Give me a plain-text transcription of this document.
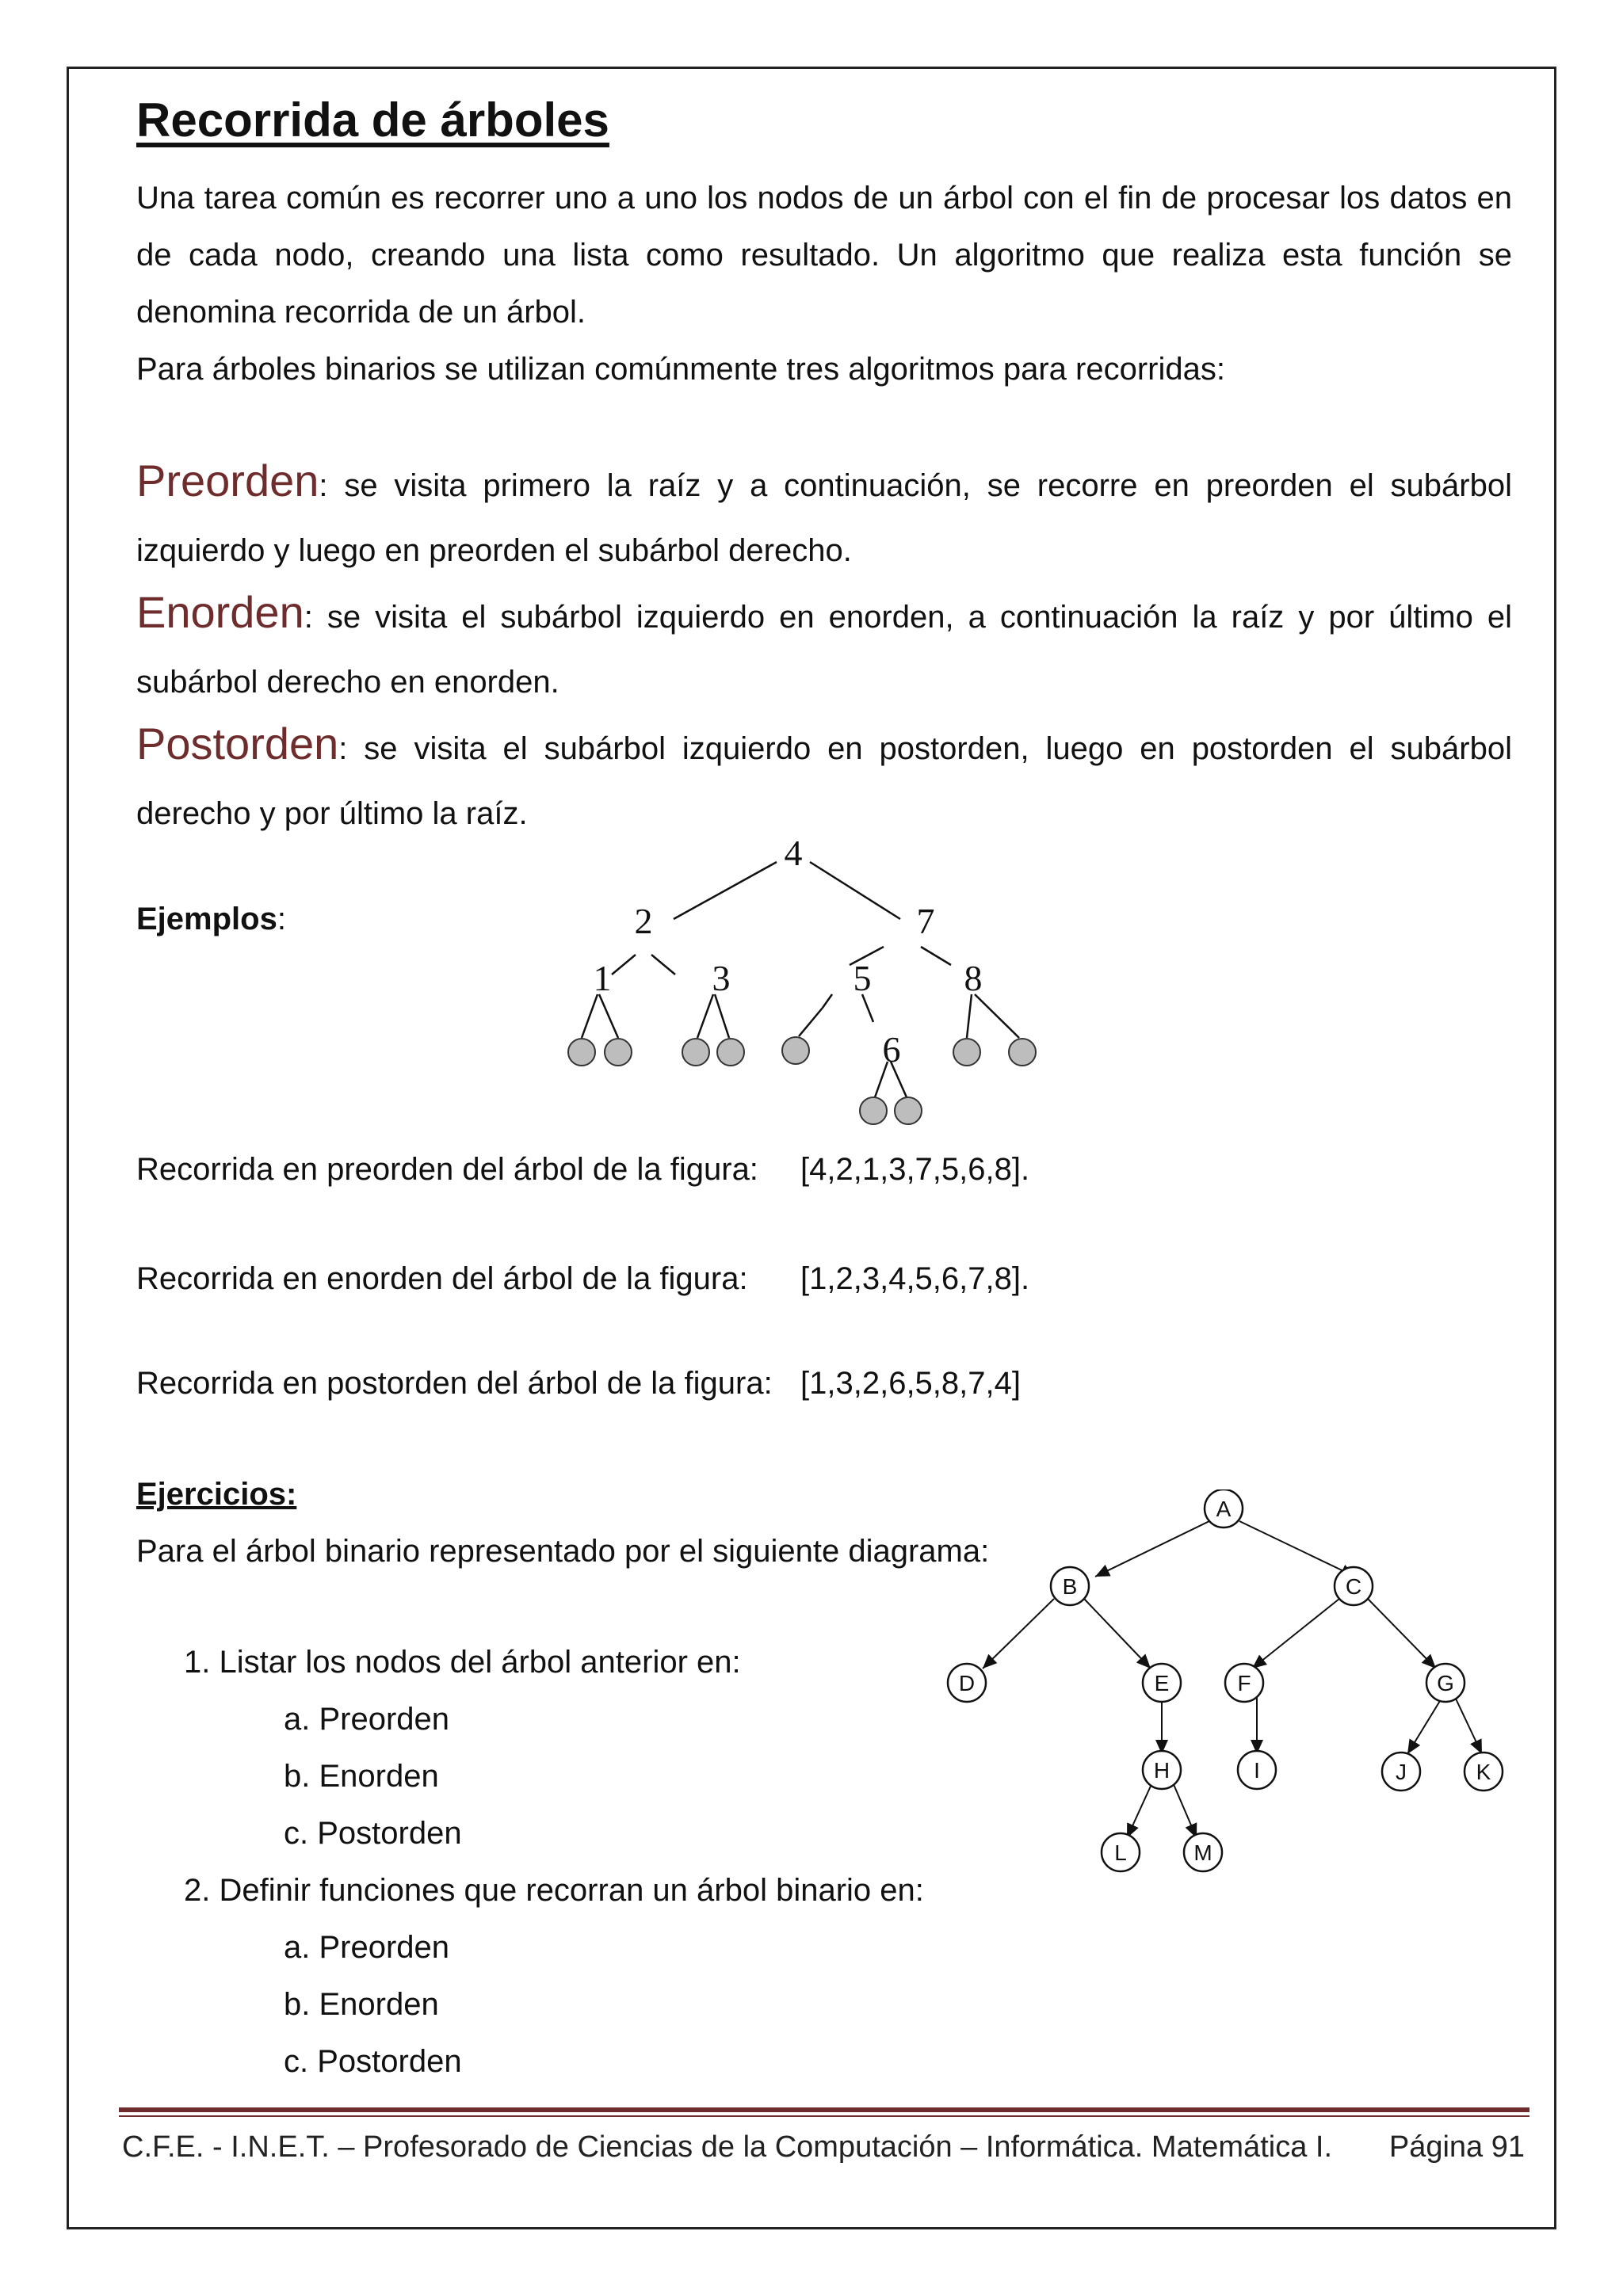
Recorrida de árboles
Una tarea común es recorrer uno a uno los nodos de un árbol con el fin de procesar los datos en de cada nodo, creando una lista como resultado. Un algoritmo que realiza esta función se denomina recorrida de un árbol.
Para árboles binarios se utilizan comúnmente tres algoritmos para recorridas:
Preorden: se visita primero la raíz y a continuación, se recorre en preorden el subárbol izquierdo y luego en preorden el subárbol derecho.
Enorden: se visita el subárbol izquierdo en enorden, a continuación la raíz y por último el subárbol derecho en enorden.
Postorden: se visita el subárbol izquierdo en postorden, luego en postorden el subárbol derecho y por último la raíz.
Ejemplos:
4
2	7
1	3	5	8
6
Recorrida en preorden del árbol de la figura: [4,2,1,3,7,5,6,8].
Recorrida en enorden del árbol de la figura: [1,2,3,4,5,6,7,8].
Recorrida en postorden del árbol de la figura: [1,3,2,6,5,8,7,4]
Ejercicios:
Para el árbol binario representado por el siguiente diagrama:
1. Listar los nodos del árbol anterior en:
a. Preorden
b. Enorden
c. Postorden
2. Definir funciones que recorran un árbol binario en:
a. Preorden
b. Enorden
c. Postorden
A
B	C
D	E	F	G
H	I	J	K
L	M
C.F.E. - I.N.E.T. – Profesorado de Ciencias de la Computación – Informática. Matemática I. Página 91
